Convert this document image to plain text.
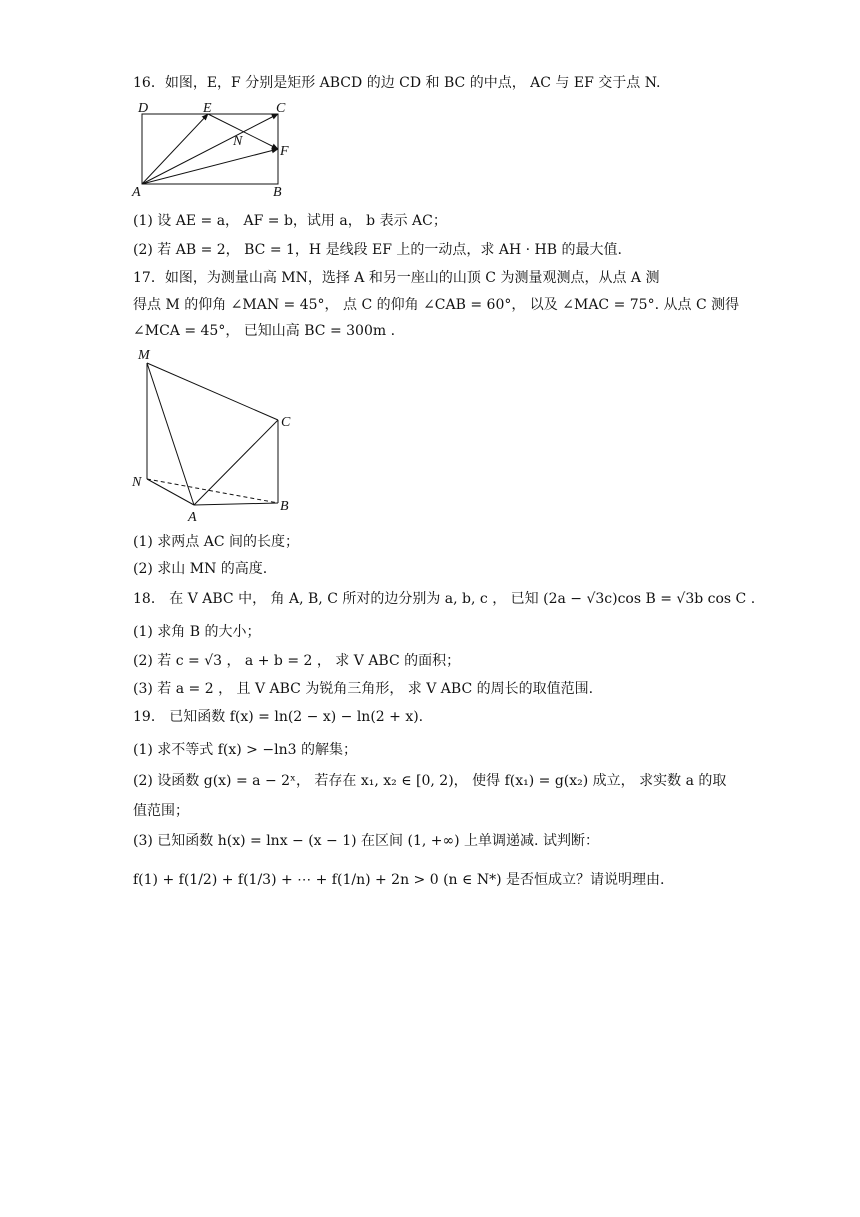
16．如图，E，F 分别是矩形 ABCD 的边 CD 和 BC 的中点， AC 与 EF 交于点 N.
D	E	C
N
F
A	B
(1) 设 AE = a， AF = b，试用 a， b 表示 AC；
(2) 若 AB = 2， BC = 1，H 是线段 EF 上的一动点，求 AH · HB 的最大值.
17．如图，为测量山高 MN，选择 A 和另一座山的山顶 C 为测量观测点，从点 A 测
得点 M 的仰角 ∠MAN = 45°， 点 C 的仰角 ∠CAB = 60°， 以及 ∠MAC = 75°. 从点 C 测得
∠MCA = 45°， 已知山高 BC = 300m .
M
C
N
A
B
(1) 求两点 AC 间的长度；
(2) 求山 MN 的高度.
18． 在 V ABC 中， 角 A, B, C 所对的边分别为 a, b, c ， 已知 (2a − √3c)cos B = √3b cos C .
(1) 求角 B 的大小；
(2) 若 c = √3 ， a + b = 2 ， 求 V ABC 的面积；
(3) 若 a = 2 ， 且 V ABC 为锐角三角形， 求 V ABC 的周长的取值范围.
19． 已知函数 f(x) = ln(2 − x) − ln(2 + x).
(1) 求不等式 f(x) > −ln3 的解集；
(2) 设函数 g(x) = a − 2ˣ， 若存在 x₁, x₂ ∈ [0, 2)， 使得 f(x₁) = g(x₂) 成立， 求实数 a 的取
值范围；
(3) 已知函数 h(x) = lnx − (x − 1) 在区间 (1, +∞) 上单调递减. 试判断：
f(1) + f(1/2) + f(1/3) + ⋯ + f(1/n) + 2n > 0 (n ∈ N*) 是否恒成立？请说明理由.
